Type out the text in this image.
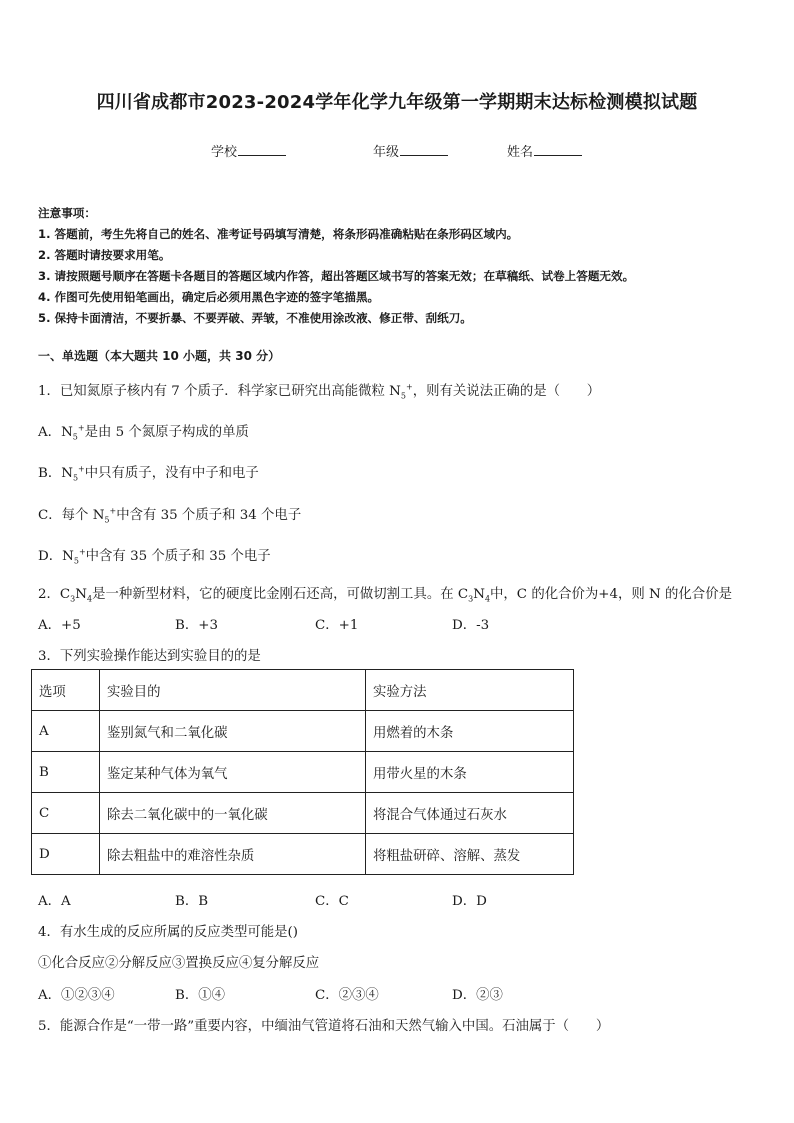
四川省成都市2023-2024学年化学九年级第一学期期末达标检测模拟试题
学校	年级	姓名
注意事项：
1. 答题前，考生先将自己的姓名、准考证号码填写清楚，将条形码准确粘贴在条形码区域内。
2. 答题时请按要求用笔。
3. 请按照题号顺序在答题卡各题目的答题区域内作答，超出答题区域书写的答案无效；在草稿纸、试卷上答题无效。
4. 作图可先使用铅笔画出，确定后必须用黑色字迹的签字笔描黑。
5. 保持卡面清洁，不要折暴、不要弄破、弄皱，不准使用涂改液、修正带、刮纸刀。
一、单选题（本大题共 10 小题，共 30 分）
1．已知氮原子核内有 7 个质子．科学家已研究出高能微粒 $N_5^+$，则有关说法正确的是（　　）
A．$N_5^+$是由 5 个氮原子构成的单质
B．$N_5^+$中只有质子，没有中子和电子
C．每个 $N_5^+$中含有 35 个质子和 34 个电子
D．$N_5^+$中含有 35 个质子和 35 个电子
2．$C_3N_4$是一种新型材料，它的硬度比金刚石还高，可做切割工具。在 $C_3N_4$中，C 的化合价为+4，则 N 的化合价是
A．+5	B．+3	C．+1	D．-3
3．下列实验操作能达到实验目的的是
选项	实验目的	实验方法
A	鉴别氮气和二氧化碳	用燃着的木条
B	鉴定某种气体为氧气	用带火星的木条
C	除去二氧化碳中的一氧化碳	将混合气体通过石灰水
D	除去粗盐中的难溶性杂质	将粗盐研碎、溶解、蒸发
A．A	B．B	C．C	D．D
4．有水生成的反应所属的反应类型可能是()
①化合反应②分解反应③置换反应④复分解反应
A．①②③④	B．①④	C．②③④	D．②③
5．能源合作是“一带一路”重要内容，中缅油气管道将石油和天然气输入中国。石油属于（　　）
